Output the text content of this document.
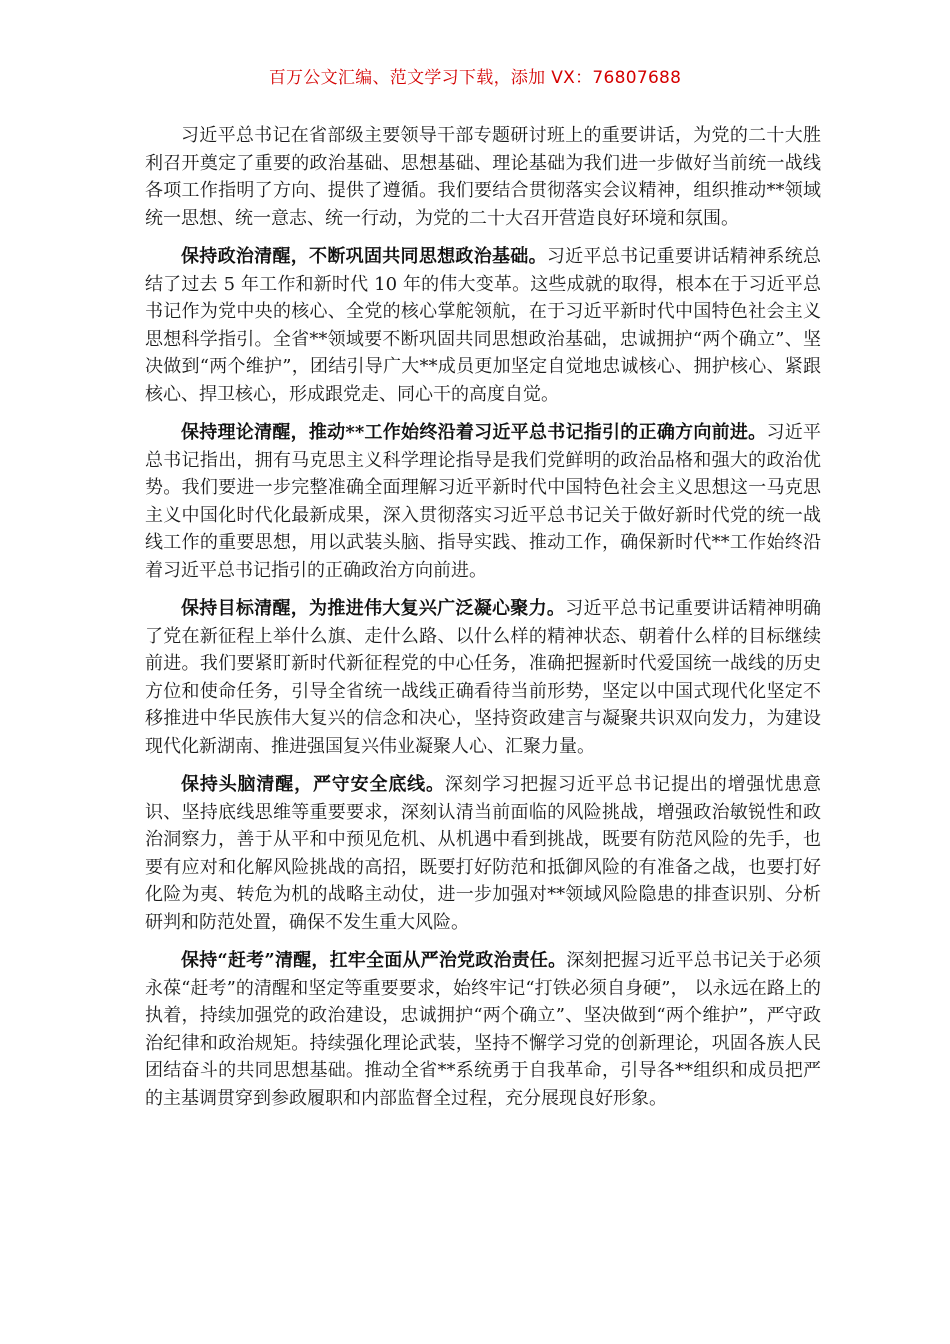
百万公文汇编、范文学习下载，添加 VX：76807688

习近平总书记在省部级主要领导干部专题研讨班上的重要讲话，为党的二十大胜利召开奠定了重要的政治基础、思想基础、理论基础为我们进一步做好当前统一战线各项工作指明了方向、提供了遵循。我们要结合贯彻落实会议精神，组织推动**领域统一思想、统一意志、统一行动，为党的二十大召开营造良好环境和氛围。

保持政治清醒，不断巩固共同思想政治基础。习近平总书记重要讲话精神系统总结了过去 5 年工作和新时代 10 年的伟大变革。这些成就的取得，根本在于习近平总书记作为党中央的核心、全党的核心掌舵领航，在于习近平新时代中国特色社会主义思想科学指引。全省**领域要不断巩固共同思想政治基础，忠诚拥护“两个确立”、坚决做到“两个维护”，团结引导广大**成员更加坚定自觉地忠诚核心、拥护核心、紧跟核心、捍卫核心，形成跟党走、同心干的高度自觉。

保持理论清醒，推动**工作始终沿着习近平总书记指引的正确方向前进。习近平总书记指出，拥有马克思主义科学理论指导是我们党鲜明的政治品格和强大的政治优势。我们要进一步完整准确全面理解习近平新时代中国特色社会主义思想这一马克思主义中国化时代化最新成果，深入贯彻落实习近平总书记关于做好新时代党的统一战线工作的重要思想，用以武装头脑、指导实践、推动工作，确保新时代**工作始终沿着习近平总书记指引的正确政治方向前进。

保持目标清醒，为推进伟大复兴广泛凝心聚力。习近平总书记重要讲话精神明确了党在新征程上举什么旗、走什么路、以什么样的精神状态、朝着什么样的目标继续前进。我们要紧盯新时代新征程党的中心任务，准确把握新时代爱国统一战线的历史方位和使命任务，引导全省统一战线正确看待当前形势，坚定以中国式现代化坚定不移推进中华民族伟大复兴的信念和决心，坚持资政建言与凝聚共识双向发力，为建设现代化新湖南、推进强国复兴伟业凝聚人心、汇聚力量。

保持头脑清醒，严守安全底线。深刻学习把握习近平总书记提出的增强忧患意识、坚持底线思维等重要要求，深刻认清当前面临的风险挑战，增强政治敏锐性和政治洞察力，善于从平和中预见危机、从机遇中看到挑战，既要有防范风险的先手，也要有应对和化解风险挑战的高招，既要打好防范和抵御风险的有准备之战，也要打好化险为夷、转危为机的战略主动仗，进一步加强对**领域风险隐患的排查识别、分析研判和防范处置，确保不发生重大风险。

保持“赶考”清醒，扛牢全面从严治党政治责任。深刻把握习近平总书记关于必须永葆“赶考”的清醒和坚定等重要要求，始终牢记“打铁必须自身硬”， 以永远在路上的执着，持续加强党的政治建设，忠诚拥护“两个确立”、坚决做到“两个维护”，严守政治纪律和政治规矩。持续强化理论武装，坚持不懈学习党的创新理论，巩固各族人民团结奋斗的共同思想基础。推动全省**系统勇于自我革命，引导各**组织和成员把严的主基调贯穿到参政履职和内部监督全过程，充分展现良好形象。
